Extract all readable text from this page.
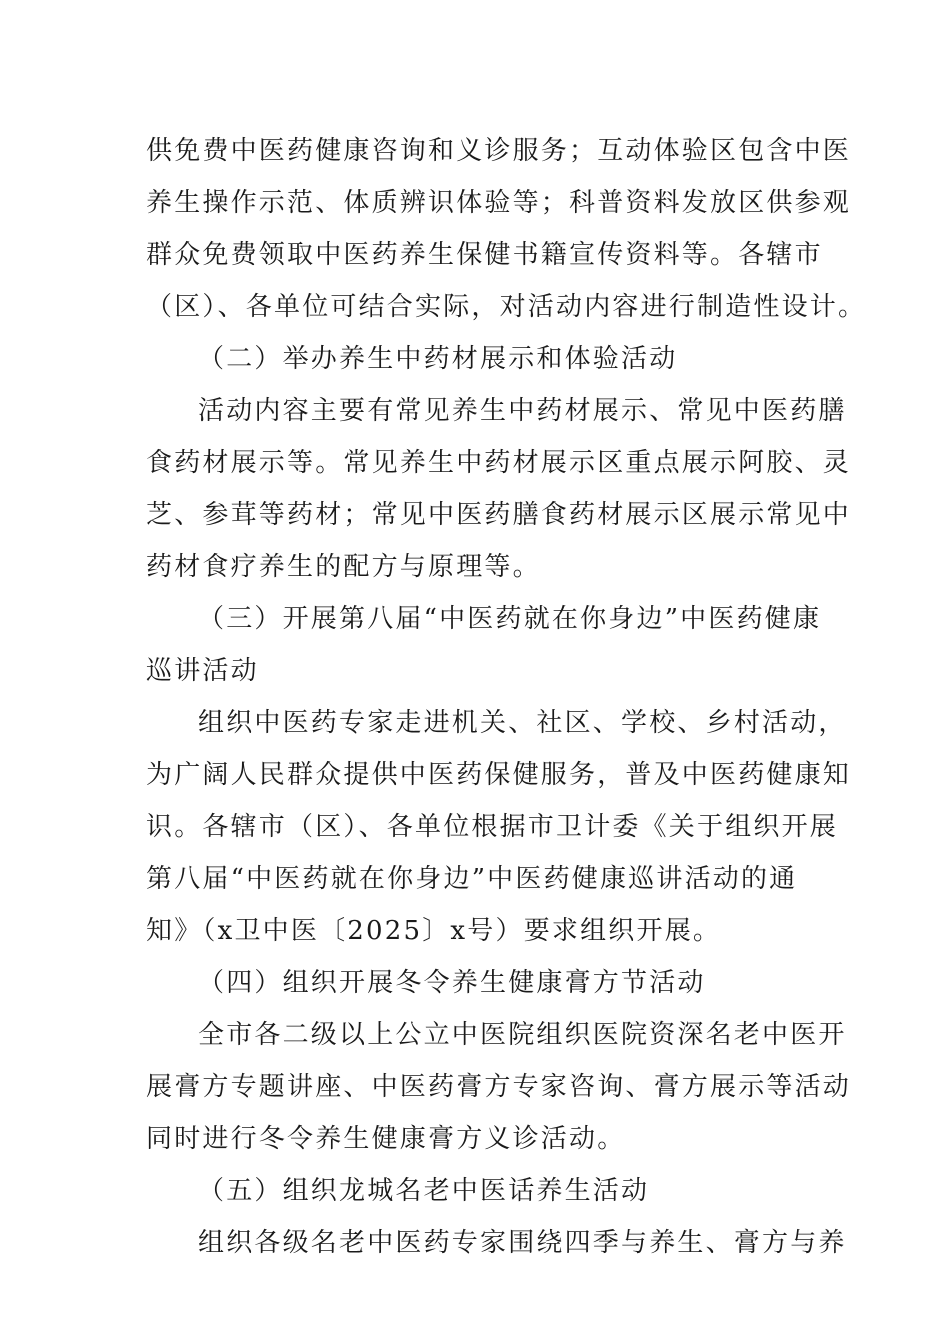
供免费中医药健康咨询和义诊服务；互动体验区包含中医
养生操作示范、体质辨识体验等；科普资料发放区供参观
群众免费领取中医药养生保健书籍宣传资料等。各辖市
（区）、各单位可结合实际，对活动内容进行制造性设计。
（二）举办养生中药材展示和体验活动
活动内容主要有常见养生中药材展示、常见中医药膳
食药材展示等。常见养生中药材展示区重点展示阿胶、灵
芝、参茸等药材；常见中医药膳食药材展示区展示常见中
药材食疗养生的配方与原理等。
（三）开展第八届“中医药就在你身边”中医药健康
巡讲活动
组织中医药专家走进机关、社区、学校、乡村活动，
为广阔人民群众提供中医药保健服务，普及中医药健康知
识。各辖市（区）、各单位根据市卫计委《关于组织开展
第八届“中医药就在你身边”中医药健康巡讲活动的通
知》（x卫中医〔2025〕x号）要求组织开展。
（四）组织开展冬令养生健康膏方节活动
全市各二级以上公立中医院组织医院资深名老中医开
展膏方专题讲座、中医药膏方专家咨询、膏方展示等活动
同时进行冬令养生健康膏方义诊活动。
（五）组织龙城名老中医话养生活动
组织各级名老中医药专家围绕四季与养生、膏方与养
